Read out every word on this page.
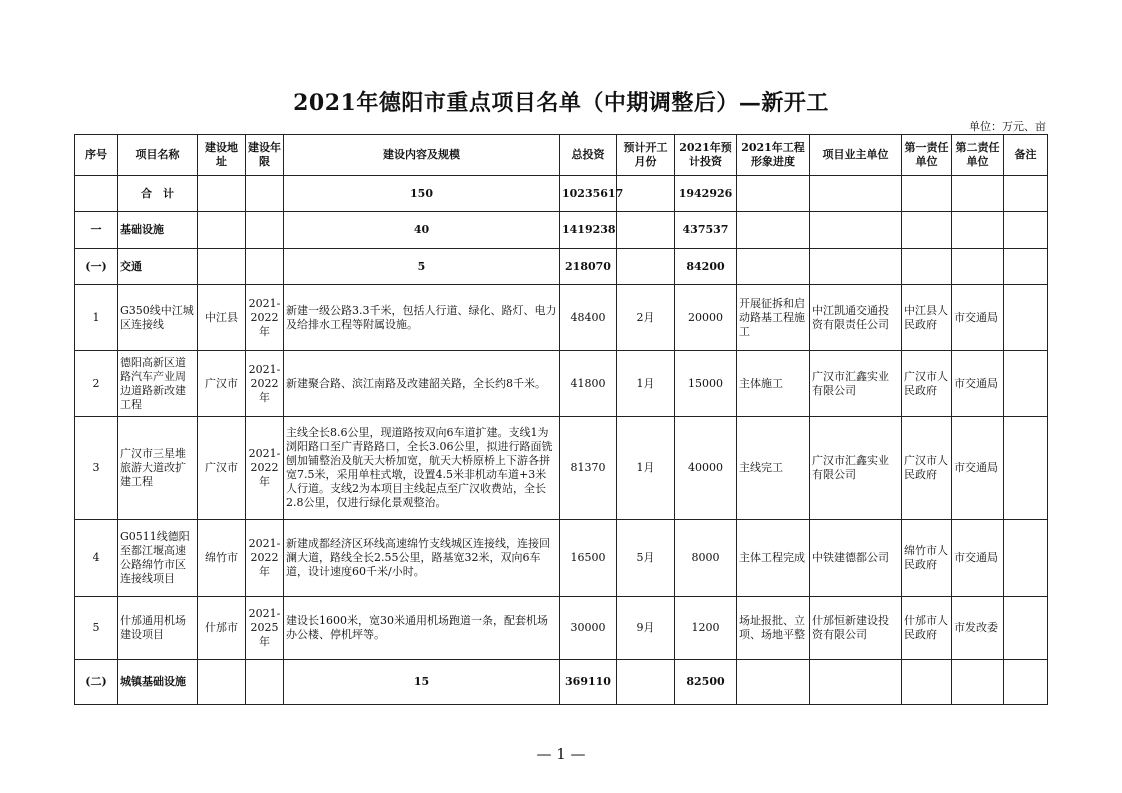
2021年德阳市重点项目名单（中期调整后）—新开工
单位：万元、亩
序号	项目名称	建设地址	建设年限	建设内容及规模	总投资	预计开工月份	2021年预计投资	2021年工程形象进度	项目业主单位	第一责任单位	第二责任单位	备注
	合　计			150	10235617		1942926					
一	基础设施			40	1419238		437537					
(一)	交通			5	218070		84200					
1	G350线中江城区连接线	中江县	2021-2022年	新建一级公路3.3千米，包括人行道、绿化、路灯、电力及给排水工程等附属设施。	48400	2月	20000	开展征拆和启动路基工程施工	中江凯通交通投资有限责任公司	中江县人民政府	市交通局	
2	德阳高新区道路汽车产业周边道路新改建工程	广汉市	2021-2022年	新建聚合路、滨江南路及改建韶关路，全长约8千米。	41800	1月	15000	主体施工	广汉市汇鑫实业有限公司	广汉市人民政府	市交通局	
3	广汉市三星堆旅游大道改扩建工程	广汉市	2021-2022年	主线全长8.6公里，现道路按双向6车道扩建。支线1为浏阳路口至广青路路口，全长3.06公里，拟进行路面铣刨加铺整治及航天大桥加宽，航天大桥原桥上下游各拼宽7.5米，采用单柱式墩，设置4.5米非机动车道+3米人行道。支线2为本项目主线起点至广汉收费站，全长2.8公里，仅进行绿化景观整治。	81370	1月	40000	主线完工	广汉市汇鑫实业有限公司	广汉市人民政府	市交通局	
4	G0511线德阳至都江堰高速公路绵竹市区连接线项目	绵竹市	2021-2022年	新建成都经济区环线高速绵竹支线城区连接线，连接回澜大道，路线全长2.55公里，路基宽32米，双向6车道，设计速度60千米/小时。	16500	5月	8000	主体工程完成	中铁建德都公司	绵竹市人民政府	市交通局	
5	什邡通用机场建设项目	什邡市	2021-2025年	建设长1600米，宽30米通用机场跑道一条，配套机场办公楼、停机坪等。	30000	9月	1200	场址报批、立项、场地平整	什邡恒新建设投资有限公司	什邡市人民政府	市发改委	
(二)	城镇基础设施			15	369110		82500					
— 1 —
